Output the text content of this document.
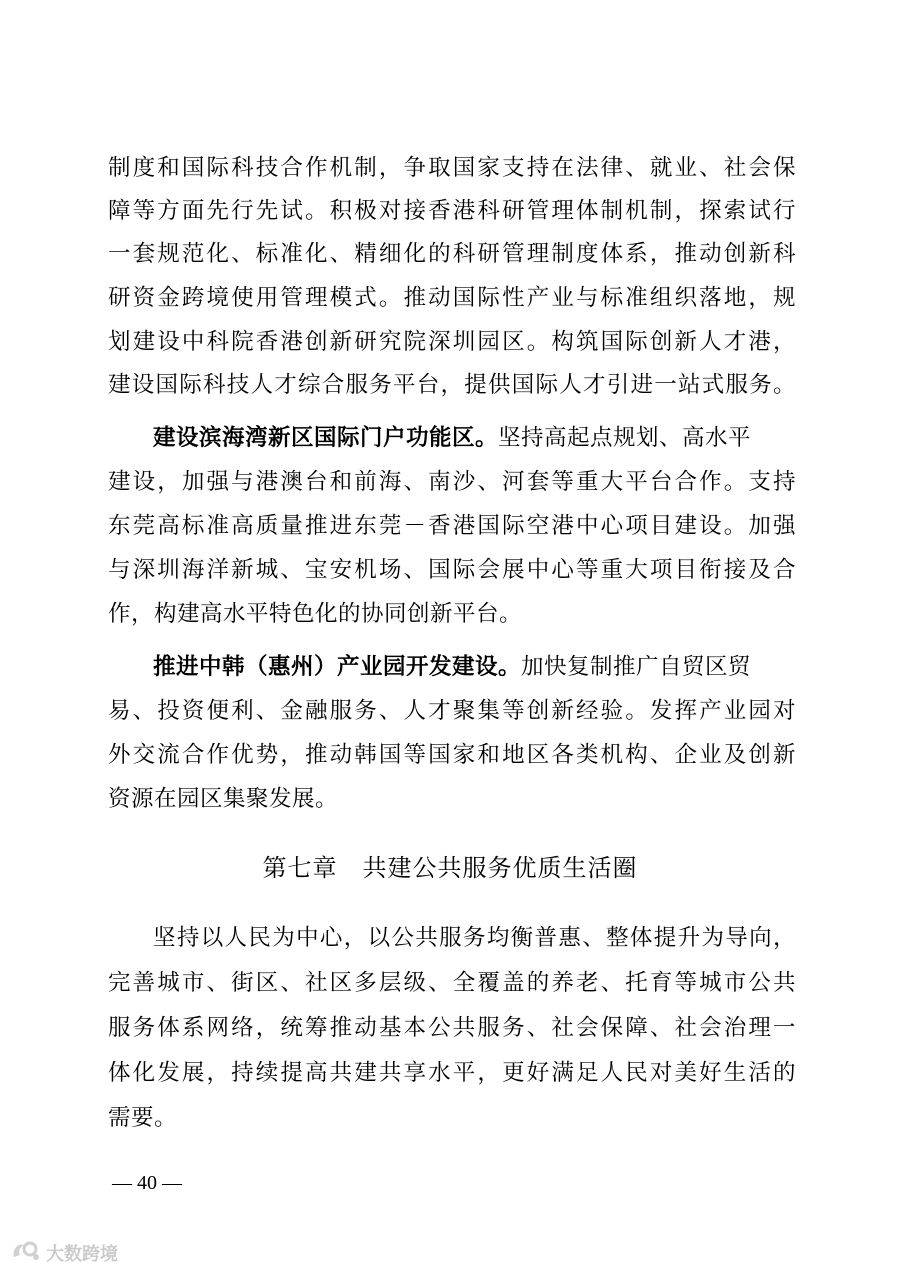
制度和国际科技合作机制，争取国家支持在法律、就业、社会保
障等方面先行先试。积极对接香港科研管理体制机制，探索试行
一套规范化、标准化、精细化的科研管理制度体系，推动创新科
研资金跨境使用管理模式。推动国际性产业与标准组织落地，规
划建设中科院香港创新研究院深圳园区。构筑国际创新人才港，
建设国际科技人才综合服务平台，提供国际人才引进一站式服务。
建设滨海湾新区国际门户功能区。坚持高起点规划、高水平
建设，加强与港澳台和前海、南沙、河套等重大平台合作。支持
东莞高标准高质量推进东莞－香港国际空港中心项目建设。加强
与深圳海洋新城、宝安机场、国际会展中心等重大项目衔接及合
作，构建高水平特色化的协同创新平台。
推进中韩（惠州）产业园开发建设。加快复制推广自贸区贸
易、投资便利、金融服务、人才聚集等创新经验。发挥产业园对
外交流合作优势，推动韩国等国家和地区各类机构、企业及创新
资源在园区集聚发展。
第七章　共建公共服务优质生活圈
坚持以人民为中心，以公共服务均衡普惠、整体提升为导向，
完善城市、街区、社区多层级、全覆盖的养老、托育等城市公共
服务体系网络，统筹推动基本公共服务、社会保障、社会治理一
体化发展，持续提高共建共享水平，更好满足人民对美好生活的
需要。
— 40 —
大数跨境
